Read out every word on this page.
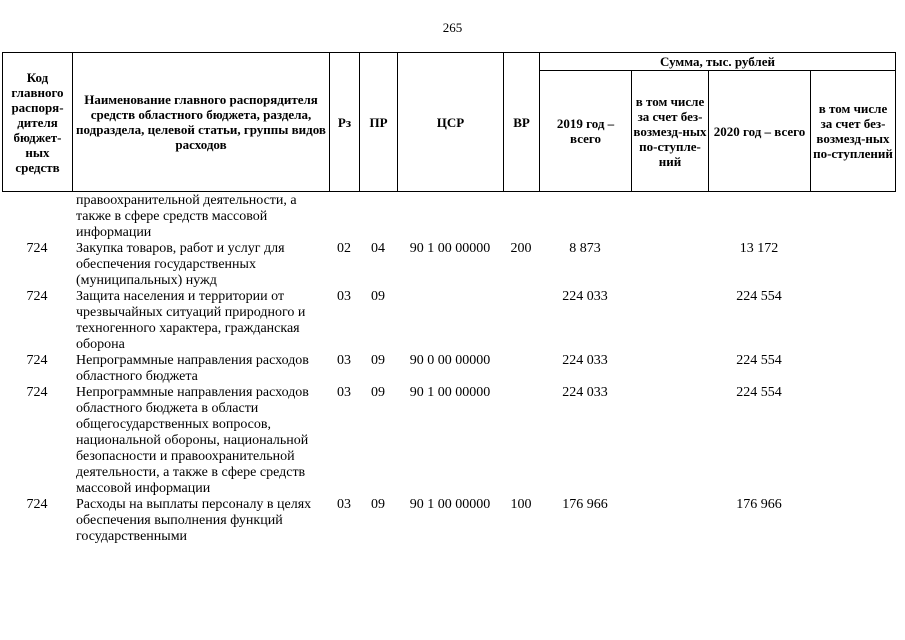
265
Код главного распоря-дителя бюджет-ных средств	Наименование главного распорядителя средств областного бюджета, раздела, подраздела, целевой статьи, группы видов расходов	Рз	ПР	ЦСР	ВР	Сумма, тыс. рублей			
						2019 год – всего	в том числе за счет без-возмезд-ных по-ступле-ний	2020 год – всего	в том числе за счет без-возмезд-ных по-ступлений
	правоохранительной деятельности, а также в сфере средств массовой информации								
724	Закупка товаров, работ и услуг для обеспечения государственных (муниципальных) нужд	02	04	90 1 00 00000	200	8 873		13 172	
724	Защита населения и территории от чрезвычайных ситуаций природного и техногенного характера, гражданская оборона	03	09			224 033		224 554	
724	Непрограммные направления расходов областного бюджета	03	09	90 0 00 00000		224 033		224 554	
724	Непрограммные направления расходов областного бюджета в области общегосударственных вопросов, национальной обороны, национальной безопасности и правоохранительной деятельности, а также в сфере средств массовой информации	03	09	90 1 00 00000		224 033		224 554	
724	Расходы на выплаты персоналу в целях обеспечения выполнения функций государственными	03	09	90 1 00 00000	100	176 966		176 966	
